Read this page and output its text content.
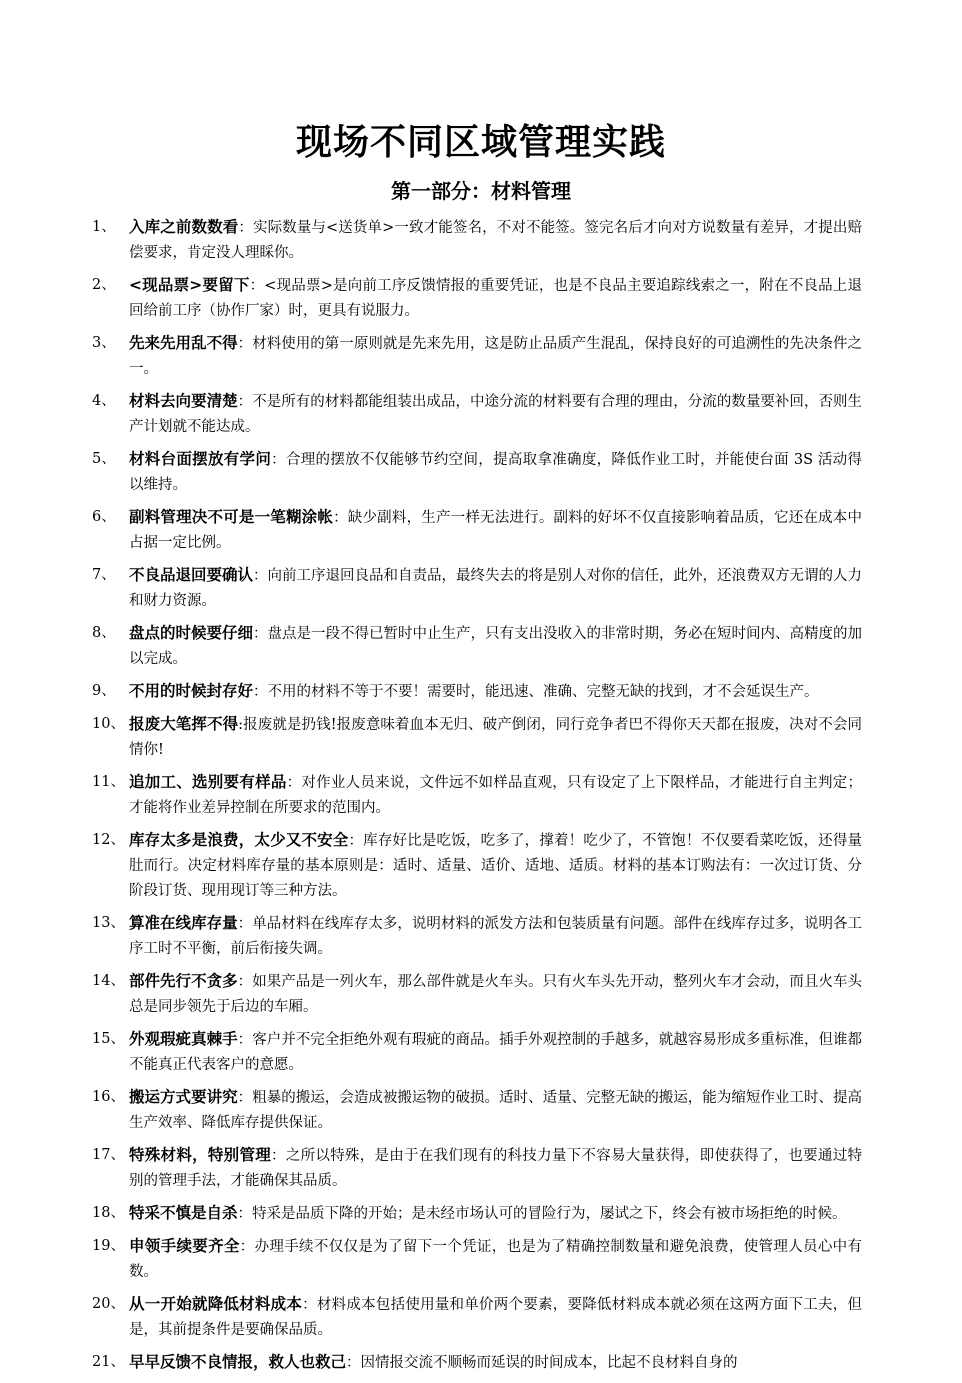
现场不同区域管理实践
第一部分：材料管理
1、 入库之前数数看：实际数量与<送货单>一致才能签名，不对不能签。签完名后才向对方说数量有差异，才提出赔偿要求，肯定没人理睬你。
2、 <现品票>要留下：<现品票>是向前工序反馈情报的重要凭证，也是不良品主要追踪线索之一，附在不良品上退回给前工序（协作厂家）时，更具有说服力。
3、 先来先用乱不得：材料使用的第一原则就是先来先用，这是防止品质产生混乱，保持良好的可追溯性的先决条件之一。
4、 材料去向要清楚：不是所有的材料都能组装出成品，中途分流的材料要有合理的理由，分流的数量要补回，否则生产计划就不能达成。
5、 材料台面摆放有学问：合理的摆放不仅能够节约空间，提高取拿准确度，降低作业工时，并能使台面 3S 活动得以维持。
6、 副料管理决不可是一笔糊涂帐：缺少副料，生产一样无法进行。副料的好坏不仅直接影响着品质，它还在成本中占据一定比例。
7、 不良品退回要确认：向前工序退回良品和自责品，最终失去的将是别人对你的信任，此外，还浪费双方无谓的人力和财力资源。
8、 盘点的时候要仔细：盘点是一段不得已暂时中止生产，只有支出没收入的非常时期，务必在短时间内、高精度的加以完成。
9、 不用的时候封存好：不用的材料不等于不要！需要时，能迅速、准确、完整无缺的找到，才不会延误生产。
10、 报废大笔挥不得:报废就是扔钱!报废意味着血本无归、破产倒闭，同行竞争者巴不得你天天都在报废，决对不会同情你!
11、 追加工、选别要有样品：对作业人员来说，文件远不如样品直观，只有设定了上下限样品，才能进行自主判定；才能将作业差异控制在所要求的范围内。
12、 库存太多是浪费，太少又不安全：库存好比是吃饭，吃多了，撑着！吃少了，不管饱！不仅要看菜吃饭，还得量肚而行。决定材料库存量的基本原则是：适时、适量、适价、适地、适质。材料的基本订购法有：一次过订货、分阶段订货、现用现订等三种方法。
13、 算准在线库存量：单品材料在线库存太多，说明材料的派发方法和包装质量有问题。部件在线库存过多，说明各工序工时不平衡，前后衔接失调。
14、 部件先行不贪多：如果产品是一列火车，那么部件就是火车头。只有火车头先开动，整列火车才会动，而且火车头总是同步领先于后边的车厢。
15、 外观瑕疵真棘手：客户并不完全拒绝外观有瑕疵的商品。插手外观控制的手越多，就越容易形成多重标准，但谁都不能真正代表客户的意愿。
16、 搬运方式要讲究：粗暴的搬运，会造成被搬运物的破损。适时、适量、完整无缺的搬运，能为缩短作业工时、提高生产效率、降低库存提供保证。
17、 特殊材料，特别管理：之所以特殊，是由于在我们现有的科技力量下不容易大量获得，即使获得了，也要通过特别的管理手法，才能确保其品质。
18、 特采不慎是自杀：特采是品质下降的开始；是未经市场认可的冒险行为，屡试之下，终会有被市场拒绝的时候。
19、 申领手续要齐全：办理手续不仅仅是为了留下一个凭证，也是为了精确控制数量和避免浪费，使管理人员心中有数。
20、 从一开始就降低材料成本：材料成本包括使用量和单价两个要素，要降低材料成本就必须在这两方面下工夫，但是，其前提条件是要确保品质。
21、 早早反馈不良情报，救人也救己：因情报交流不顺畅而延误的时间成本，比起不良材料自身的
